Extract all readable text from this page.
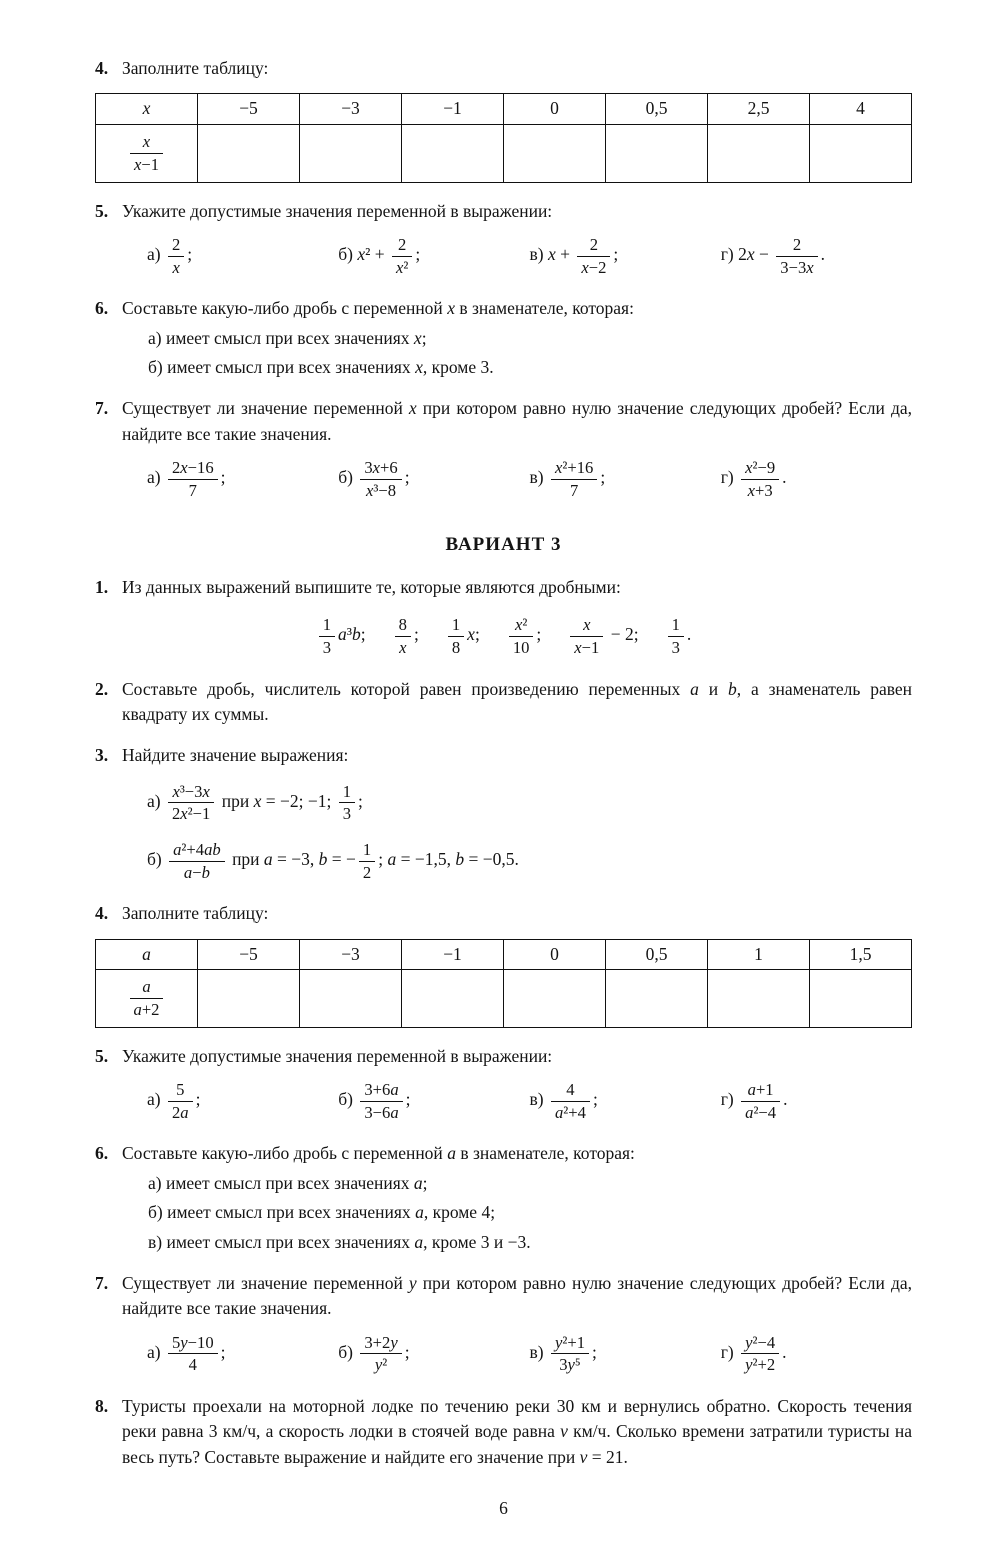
4. Заполните таблицу:
x	−5	−3	−1	0	0,5	2,5	4

$\frac{x}{x-1}$

5. Укажите допустимые значения переменной в выражении:
$а) \frac{2}{x}$ ;	б) $x^2 + \frac{2}{\text{x²}}$ ;	в) $x + \frac{2}{x-2}$ ;	г) $2x - \frac{2}{3-3x}$ .
6. Составьте какую-либо дробь с переменной x в знаменателе, которая:
а) имеет смысл при всех значениях x;
б) имеет смысл при всех значениях x, кроме 3.
7. Существует ли значение переменной x при котором равно нулю значение следующих дробей? Если да, найдите все такие значения.
$а) \frac{2x-16}{7}$ ;	$б) \frac{3x+6}{\text{x³−8}}$ ;	$в) \frac{\text{x²+16}}{7}$ ;	$г) \frac{\text{x²−9}}{x+3}$ .
ВАРИАНТ 3
1. Из данных выражений выпишите те, которые являются дробными:
$\frac{1}{3} a^3b$; $\frac{8}{x}$ ; $\frac{1}{8} x$; $\frac{\text{x²}}{10}$ ; $\frac{x}{x-1} - 2$; $\frac{1}{3}$ .
2. Составьте дробь, числитель которой равен произведению переменных a и b, а знаменатель равен квадрату их суммы.
3. Найдите значение выражения:
$а) \frac{\text{x³−3x}}{\text{2x²−1}}$ при x = −2; −1; $\frac{1}{3}$ ;
$б) \frac{\text{a²+4ab}}{a-b}$ при a = −3, b = − $\frac{1}{2}$ ; a = −1,5, b = −0,5.
4. Заполните таблицу:
a	−5	−3	−1	0	0,5	1	1,5

$\frac{a}{a+2}$

5. Укажите допустимые значения переменной в выражении:
$а) \frac{5}{2a}$ ;	$б) \frac{3+6a}{3-6a}$ ;	$в) \frac{4}{\text{a²+4}}$ ;	$г) \frac{a+1}{\text{a²−4}}$ .
6. Составьте какую-либо дробь с переменной a в знаменателе, которая:
а) имеет смысл при всех значениях a;
б) имеет смысл при всех значениях a, кроме 4;
в) имеет смысл при всех значениях a, кроме 3 и −3.
7. Существует ли значение переменной y при котором равно нулю значение следующих дробей? Если да, найдите все такие значения.
$а) \frac{5y-10}{4}$ ;	$б) \frac{3+2y}{\text{y²}}$ ;	$в) \frac{\text{y²+1}}{\text{3y⁵}}$ ;	$г) \frac{\text{y²−4}}{\text{y²+2}}$ .
8. Туристы проехали на моторной лодке по течению реки 30 км и вернулись обратно. Скорость течения реки равна 3 км/ч, а скорость лодки в стоячей воде равна v км/ч. Сколько времени затратили туристы на весь путь? Составьте выражение и найдите его значение при v = 21.
6
